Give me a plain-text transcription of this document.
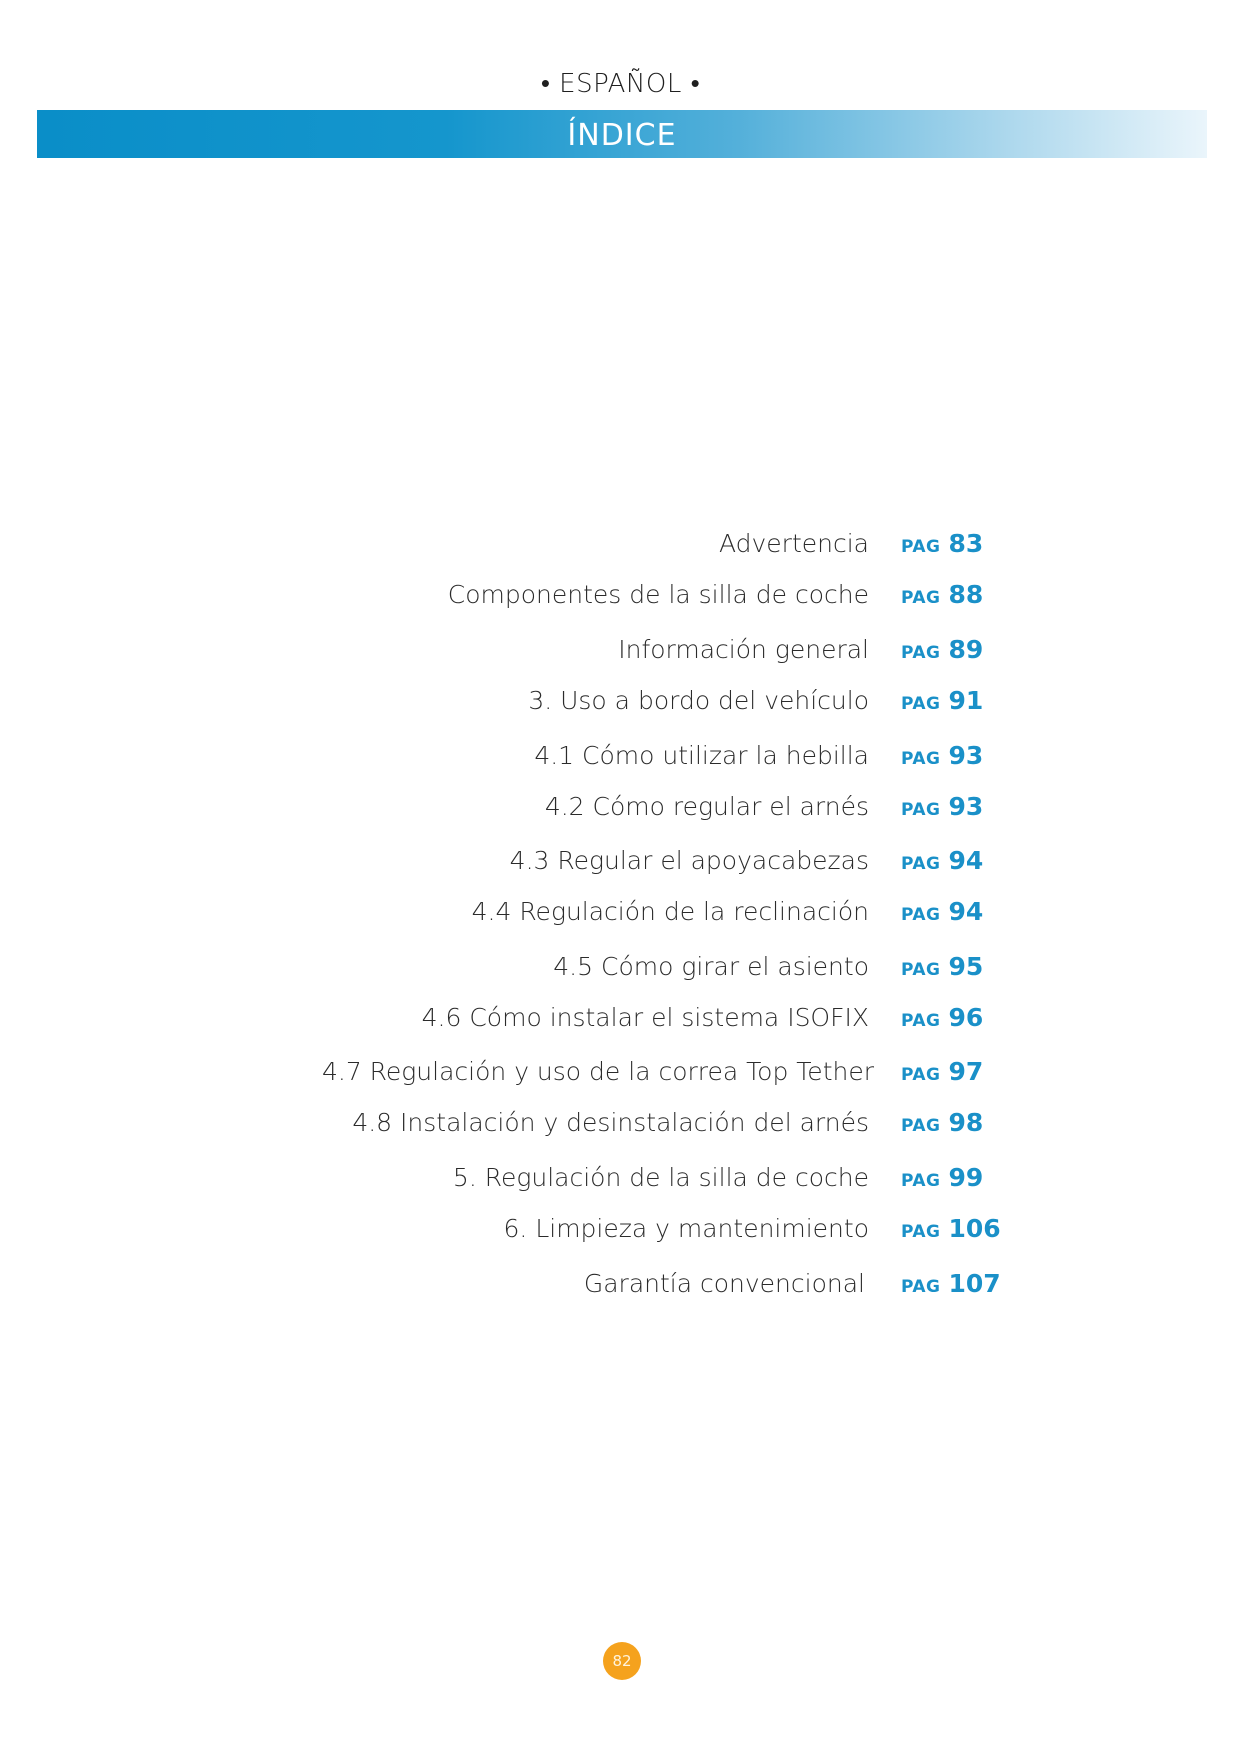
• ESPAÑOL •
ÍNDICE
Advertencia PAG 83
Componentes de la silla de coche PAG 88
Información general PAG 89
3. Uso a bordo del vehículo PAG 91
4.1 Cómo utilizar la hebilla PAG 93
4.2 Cómo regular el arnés PAG 93
4.3 Regular el apoyacabezas PAG 94
4.4 Regulación de la reclinación PAG 94
4.5 Cómo girar el asiento PAG 95
4.6 Cómo instalar el sistema ISOFIX PAG 96
4.7 Regulación y uso de la correa Top Tether PAG 97
4.8 Instalación y desinstalación del arnés PAG 98
5. Regulación de la silla de coche PAG 99
6. Limpieza y mantenimiento PAG 106
Garantía convencional PAG 107
82
